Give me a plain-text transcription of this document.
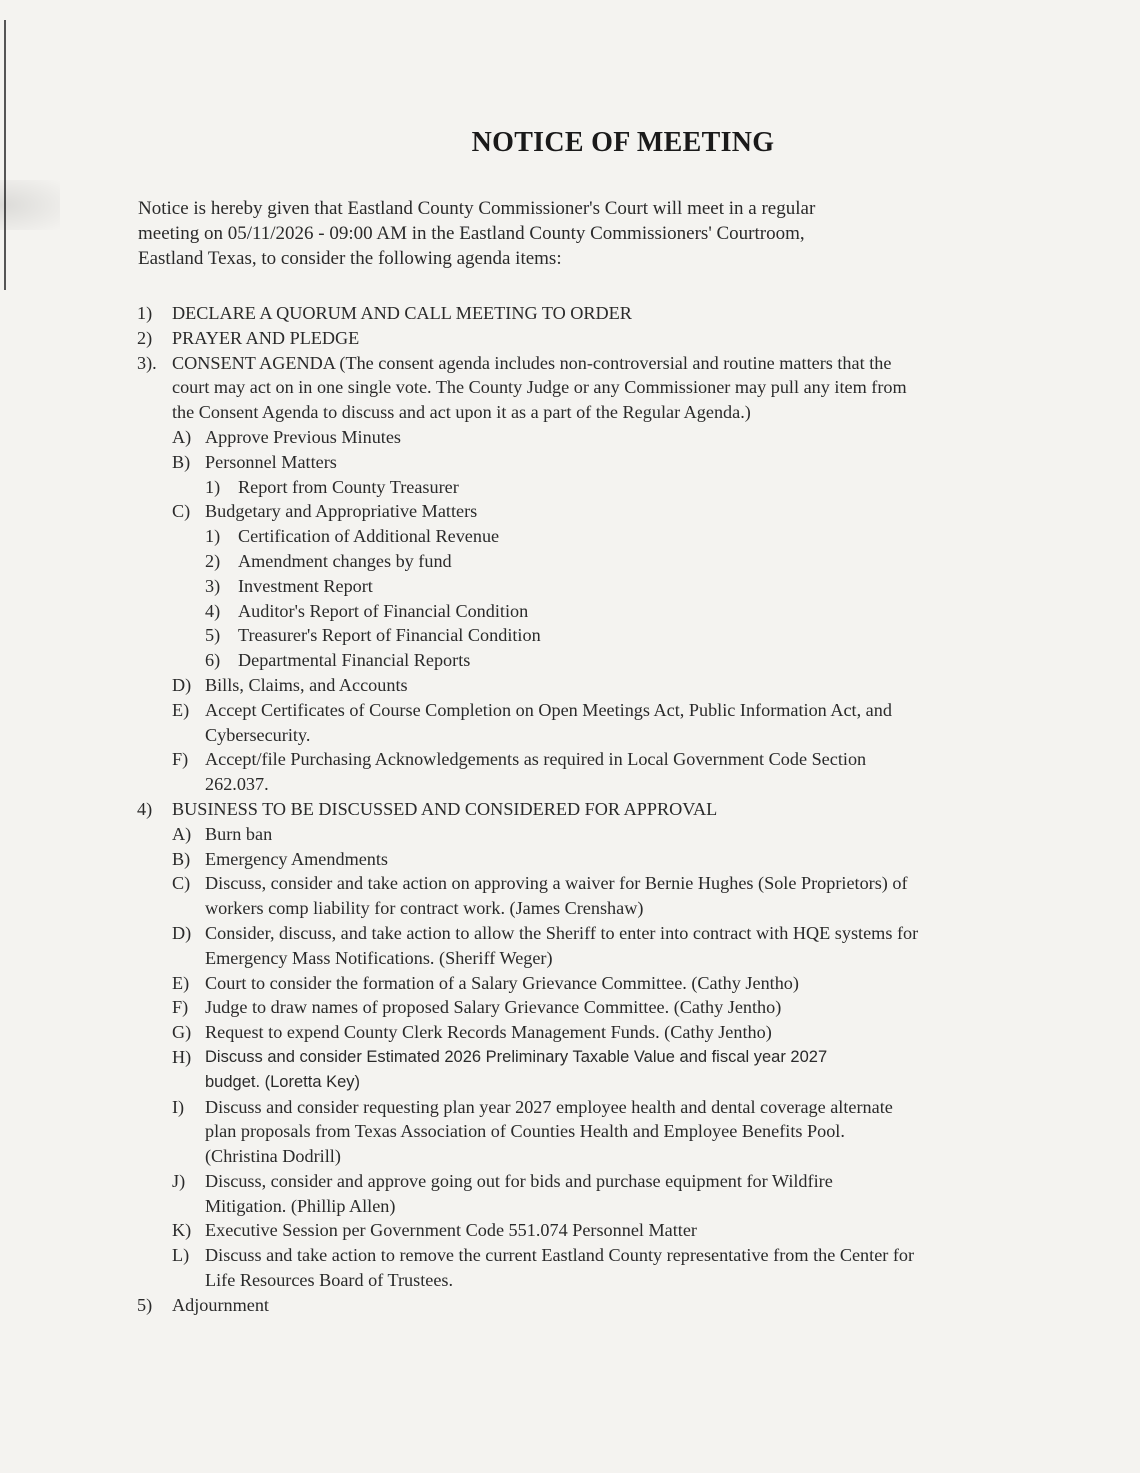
NOTICE OF MEETING
Notice is hereby given that Eastland County Commissioner's Court will meet in a regular
meeting on 05/11/2026 - 09:00 AM in the Eastland County Commissioners' Courtroom,
Eastland Texas, to consider the following agenda items:
1) DECLARE A QUORUM AND CALL MEETING TO ORDER
2) PRAYER AND PLEDGE
3). CONSENT AGENDA (The consent agenda includes non-controversial and routine matters that the
court may act on in one single vote. The County Judge or any Commissioner may pull any item from
the Consent Agenda to discuss and act upon it as a part of the Regular Agenda.)
A) Approve Previous Minutes
B) Personnel Matters
1) Report from County Treasurer
C) Budgetary and Appropriative Matters
1) Certification of Additional Revenue
2) Amendment changes by fund
3) Investment Report
4) Auditor's Report of Financial Condition
5) Treasurer's Report of Financial Condition
6) Departmental Financial Reports
D) Bills, Claims, and Accounts
E) Accept Certificates of Course Completion on Open Meetings Act, Public Information Act, and
Cybersecurity.
F) Accept/file Purchasing Acknowledgements as required in Local Government Code Section
262.037.
4) BUSINESS TO BE DISCUSSED AND CONSIDERED FOR APPROVAL
A) Burn ban
B) Emergency Amendments
C) Discuss, consider and take action on approving a waiver for Bernie Hughes (Sole Proprietors) of
workers comp liability for contract work. (James Crenshaw)
D) Consider, discuss, and take action to allow the Sheriff to enter into contract with HQE systems for
Emergency Mass Notifications. (Sheriff Weger)
E) Court to consider the formation of a Salary Grievance Committee. (Cathy Jentho)
F) Judge to draw names of proposed Salary Grievance Committee. (Cathy Jentho)
G) Request to expend County Clerk Records Management Funds. (Cathy Jentho)
H) Discuss and consider Estimated 2026 Preliminary Taxable Value and fiscal year 2027
budget. (Loretta Key)
I) Discuss and consider requesting plan year 2027 employee health and dental coverage alternate
plan proposals from Texas Association of Counties Health and Employee Benefits Pool.
(Christina Dodrill)
J) Discuss, consider and approve going out for bids and purchase equipment for Wildfire
Mitigation. (Phillip Allen)
K) Executive Session per Government Code 551.074 Personnel Matter
L) Discuss and take action to remove the current Eastland County representative from the Center for
Life Resources Board of Trustees.
5) Adjournment
